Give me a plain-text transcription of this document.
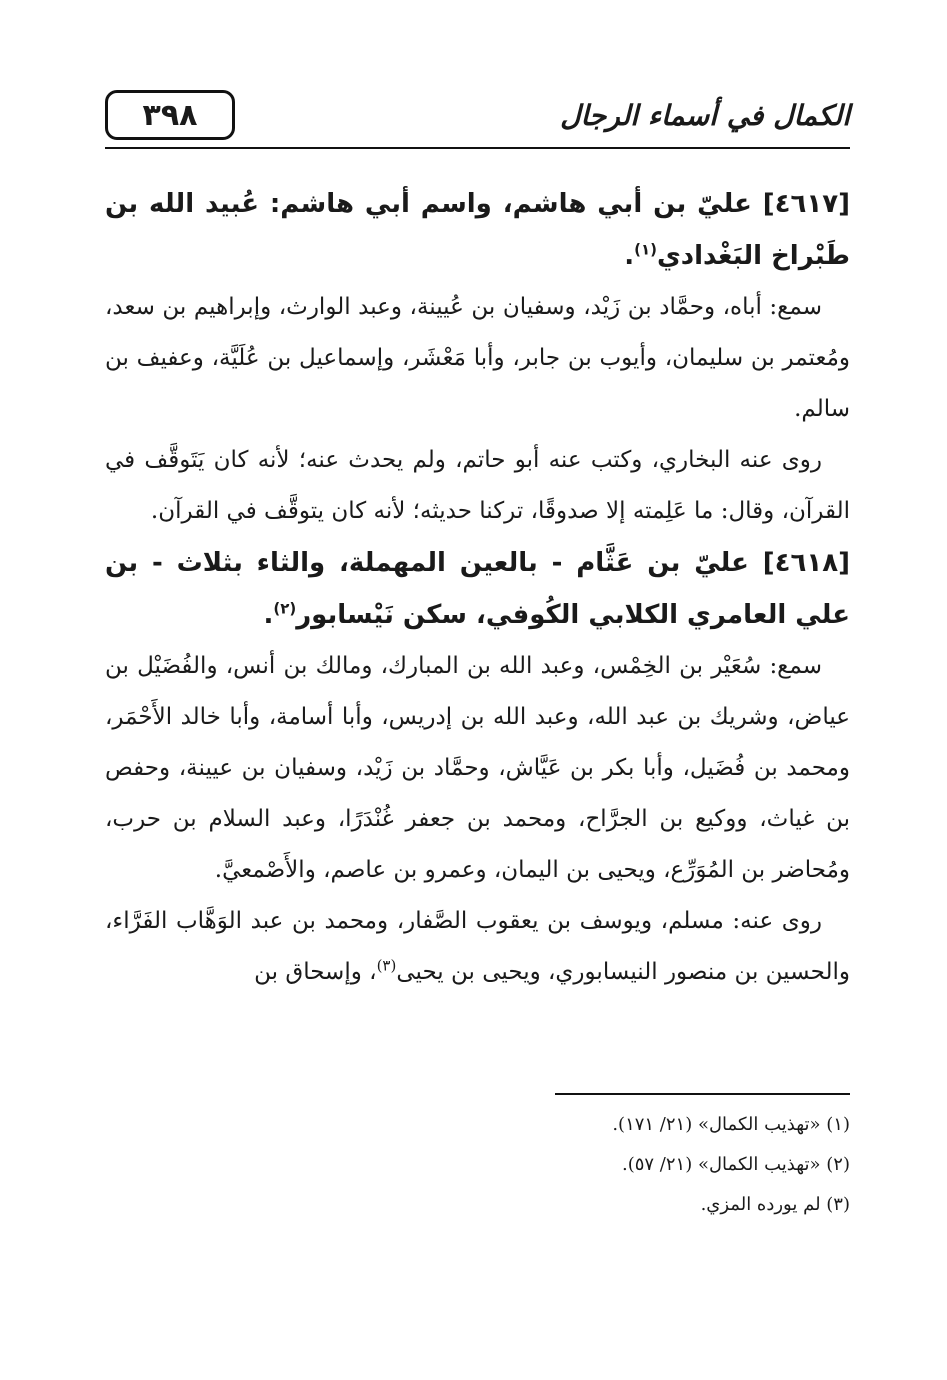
٣٩٨	الكمال في أسماء الرجال

[٤٦١٧] عليّ بن أبي هاشم، واسم أبي هاشم: عُبيد الله بن طَبْراخ البَغْدادي$^{(١)}$.

سمع: أباه، وحمَّاد بن زَيْد، وسفيان بن عُيينة، وعبد الوارث، وإبراهيم بن سعد، ومُعتمر بن سليمان، وأيوب بن جابر، وأبا مَعْشَر، وإسماعيل بن عُلَيَّة، وعفيف بن سالم.

روى عنه البخاري، وكتب عنه أبو حاتم، ولم يحدث عنه؛ لأنه كان يَتَوقَّف في القرآن، وقال: ما عَلِمته إلا صدوقًا، تركنا حديثه؛ لأنه كان يتوقَّف في القرآن.

[٤٦١٨] عليّ بن عَثَّام - بالعين المهملة، والثاء بثلاث - بن علي العامري الكلابي الكُوفي، سكن نَيْسابور$^{(٢)}$.

سمع: سُعَيْر بن الخِمْس، وعبد الله بن المبارك، ومالك بن أنس، والفُضَيْل بن عياض، وشريك بن عبد الله، وعبد الله بن إدريس، وأبا أسامة، وأبا خالد الأَحْمَر، ومحمد بن فُضَيل، وأبا بكر بن عَيَّاش، وحمَّاد بن زَيْد، وسفيان بن عيينة، وحفص بن غياث، ووكيع بن الجرَّاح، ومحمد بن جعفر غُنْدَرًا، وعبد السلام بن حرب، ومُحاضر بن المُوَرِّع، ويحيى بن اليمان، وعمرو بن عاصم، والأَصْمعيَّ.

روى عنه: مسلم، ويوسف بن يعقوب الصَّفار، ومحمد بن عبد الوَهَّاب الفَرَّاء، والحسين بن منصور النيسابوري، ويحيى بن يحيى$^{(٣)}$، وإسحاق بن

(١) «تهذيب الكمال» (٢١/ ١٧١).

(٢) «تهذيب الكمال» (٢١/ ٥٧).

(٣) لم يورده المزي.
